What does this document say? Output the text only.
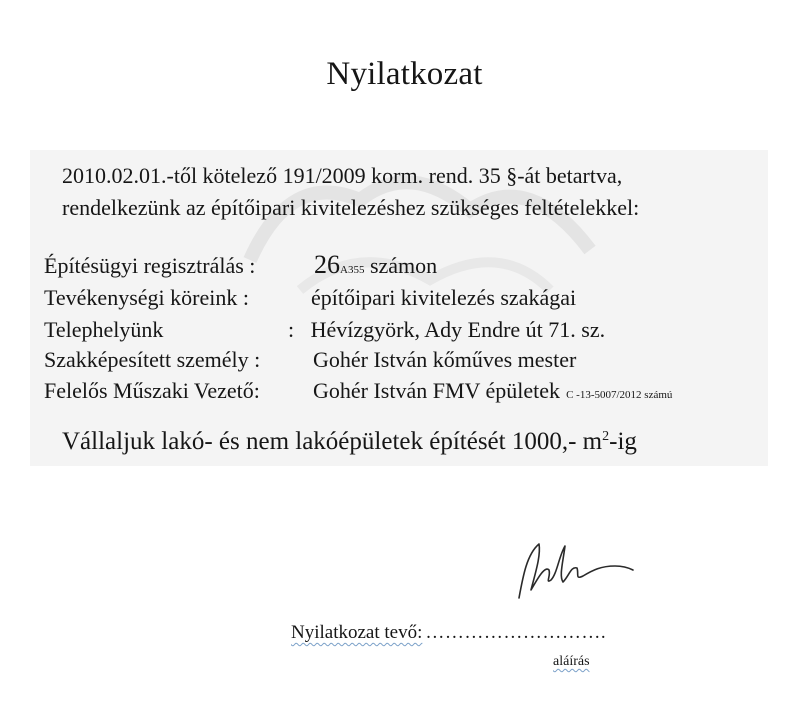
Nyilatkozat
2010.02.01.-től kötelező 191/2009 korm. rend. 35 §-át betartva,
rendelkezünk az építőipari kivitelezéshez szükséges feltételekkel:
Építésügyi regisztrálás : 26A355 számon
Tevékenységi köreink :	építőipari kivitelezés szakágai
Telephelyünk	:   Hévízgyörk, Ady Endre út 71. sz.
Szakképesített személy : Gohér István kőműves mester
Felelős Műszaki Vezető: Gohér István FMV épületek C -13-5007/2012 számú
Vállaljuk lakó- és nem lakóépületek építését 1000,- $m^2-ig$
Nyilatkozat tevő: ……………………….
aláírás
